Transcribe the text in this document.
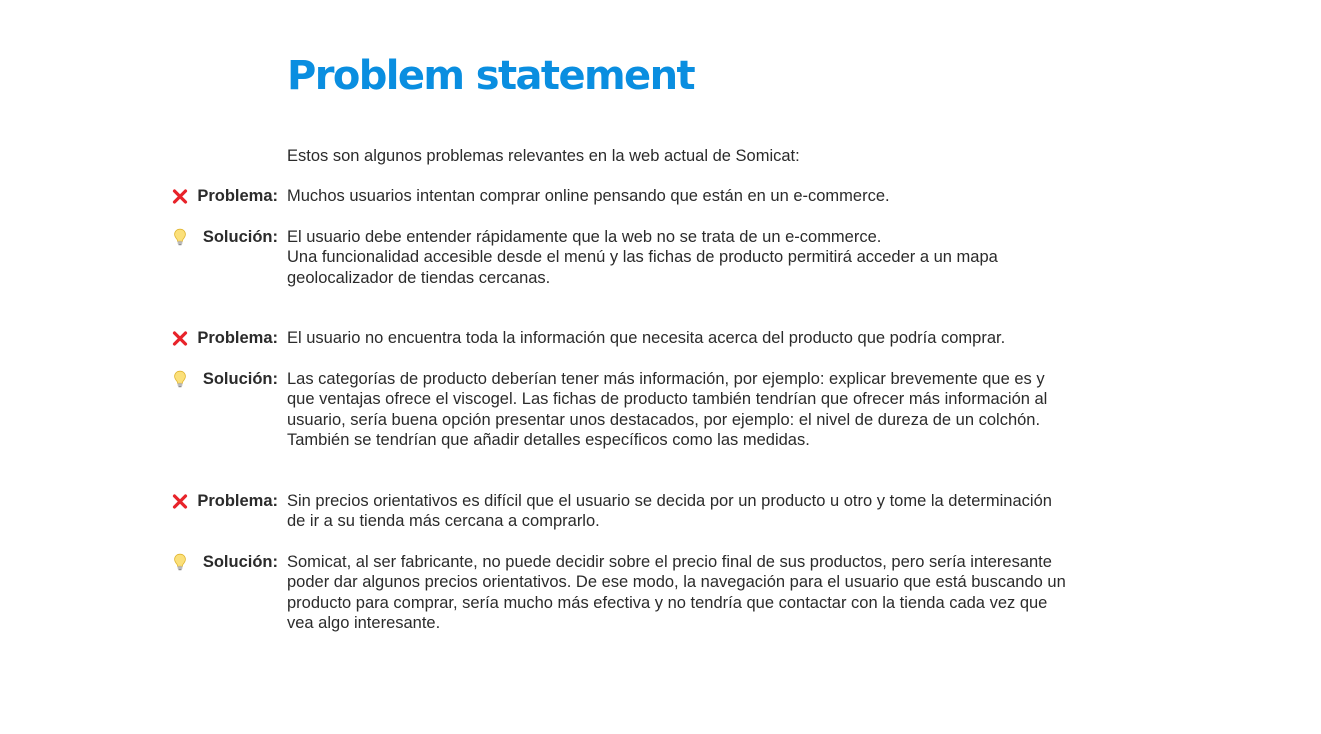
Problem statement
Estos son algunos problemas relevantes en la web actual de Somicat:
Problema: Muchos usuarios intentan comprar online pensando que están en un e-commerce.
Solución: El usuario debe entender rápidamente que la web no se trata de un e-commerce.
Una funcionalidad accesible desde el menú y las fichas de producto permitirá acceder a un mapa
geolocalizador de tiendas cercanas.
Problema: El usuario no encuentra toda la información que necesita acerca del producto que podría comprar.
Solución: Las categorías de producto deberían tener más información, por ejemplo: explicar brevemente que es y
que ventajas ofrece el viscogel. Las fichas de producto también tendrían que ofrecer más información al
usuario, sería buena opción presentar unos destacados, por ejemplo: el nivel de dureza de un colchón.
También se tendrían que añadir detalles específicos como las medidas.
Problema: Sin precios orientativos es difícil que el usuario se decida por un producto u otro y tome la determinación
de ir a su tienda más cercana a comprarlo.
Solución: Somicat, al ser fabricante, no puede decidir sobre el precio final de sus productos, pero sería interesante
poder dar algunos precios orientativos. De ese modo, la navegación para el usuario que está buscando un
producto para comprar, sería mucho más efectiva y no tendría que contactar con la tienda cada vez que
vea algo interesante.
